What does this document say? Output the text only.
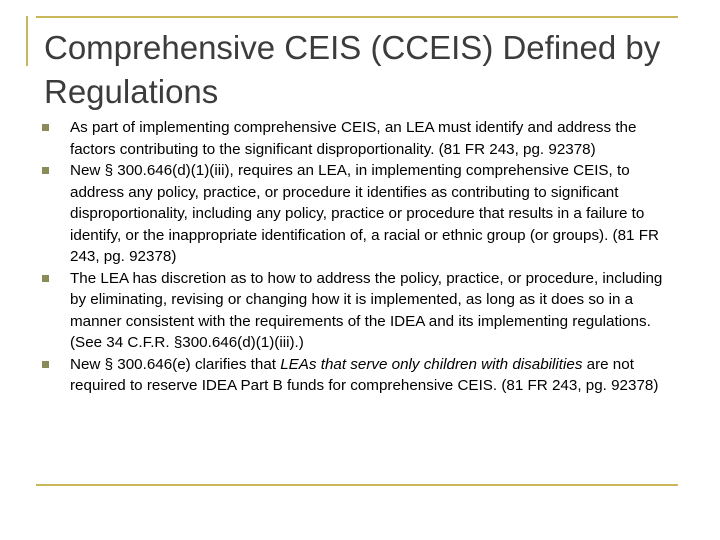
Comprehensive CEIS (CCEIS) Defined by Regulations
As part of implementing comprehensive CEIS, an LEA must identify and address the factors contributing to the significant disproportionality. (81 FR 243, pg. 92378)
New § 300.646(d)(1)(iii), requires an LEA, in implementing comprehensive CEIS, to address any policy, practice, or procedure it identifies as contributing to significant disproportionality, including any policy, practice or procedure that results in a failure to identify, or the inappropriate identification of, a racial or ethnic group (or groups). (81 FR 243, pg. 92378)
The LEA has discretion as to how to address the policy, practice, or procedure, including by eliminating, revising or changing how it is implemented, as long as it does so in a manner consistent with the requirements of the IDEA and its implementing regulations. (See 34 C.F.R. §300.646(d)(1)(iii).)
New § 300.646(e) clarifies that LEAs that serve only children with disabilities are not required to reserve IDEA Part B funds for comprehensive CEIS. (81 FR 243, pg. 92378)
